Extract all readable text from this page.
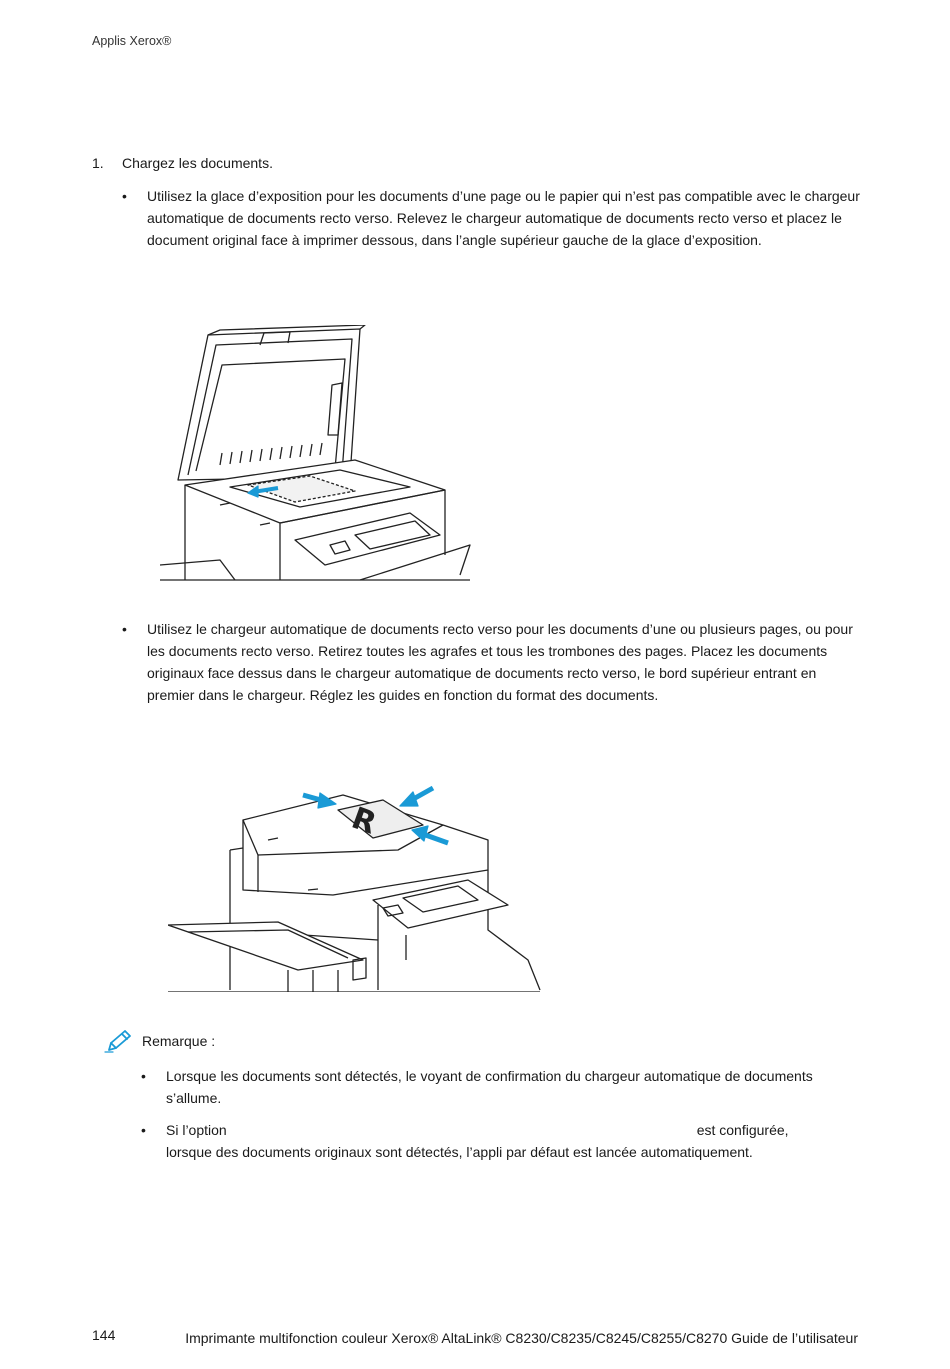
Applis Xerox®
1. Chargez les documents.
• Utilisez la glace d’exposition pour les documents d’une page ou le papier qui n’est pas compatible avec le chargeur automatique de documents recto verso. Relevez le chargeur automatique de documents recto verso et placez le document original face à imprimer dessous, dans l’angle supérieur gauche de la glace d’exposition.
• Utilisez le chargeur automatique de documents recto verso pour les documents d’une ou plusieurs pages, ou pour les documents recto verso. Retirez toutes les agrafes et tous les trombones des pages. Placez les documents originaux face dessus dans le chargeur automatique de documents recto verso, le bord supérieur entrant en premier dans le chargeur. Réglez les guides en fonction du format des documents.
R
Remarque :
• Lorsque les documents sont détectés, le voyant de confirmation du chargeur automatique de documents s’allume.
• Si l’option	est configurée, lorsque des documents originaux sont détectés, l’appli par défaut est lancée automatiquement.
144	Imprimante multifonction couleur Xerox® AltaLink® C8230/C8235/C8245/C8255/C8270 Guide de l’utilisateur
